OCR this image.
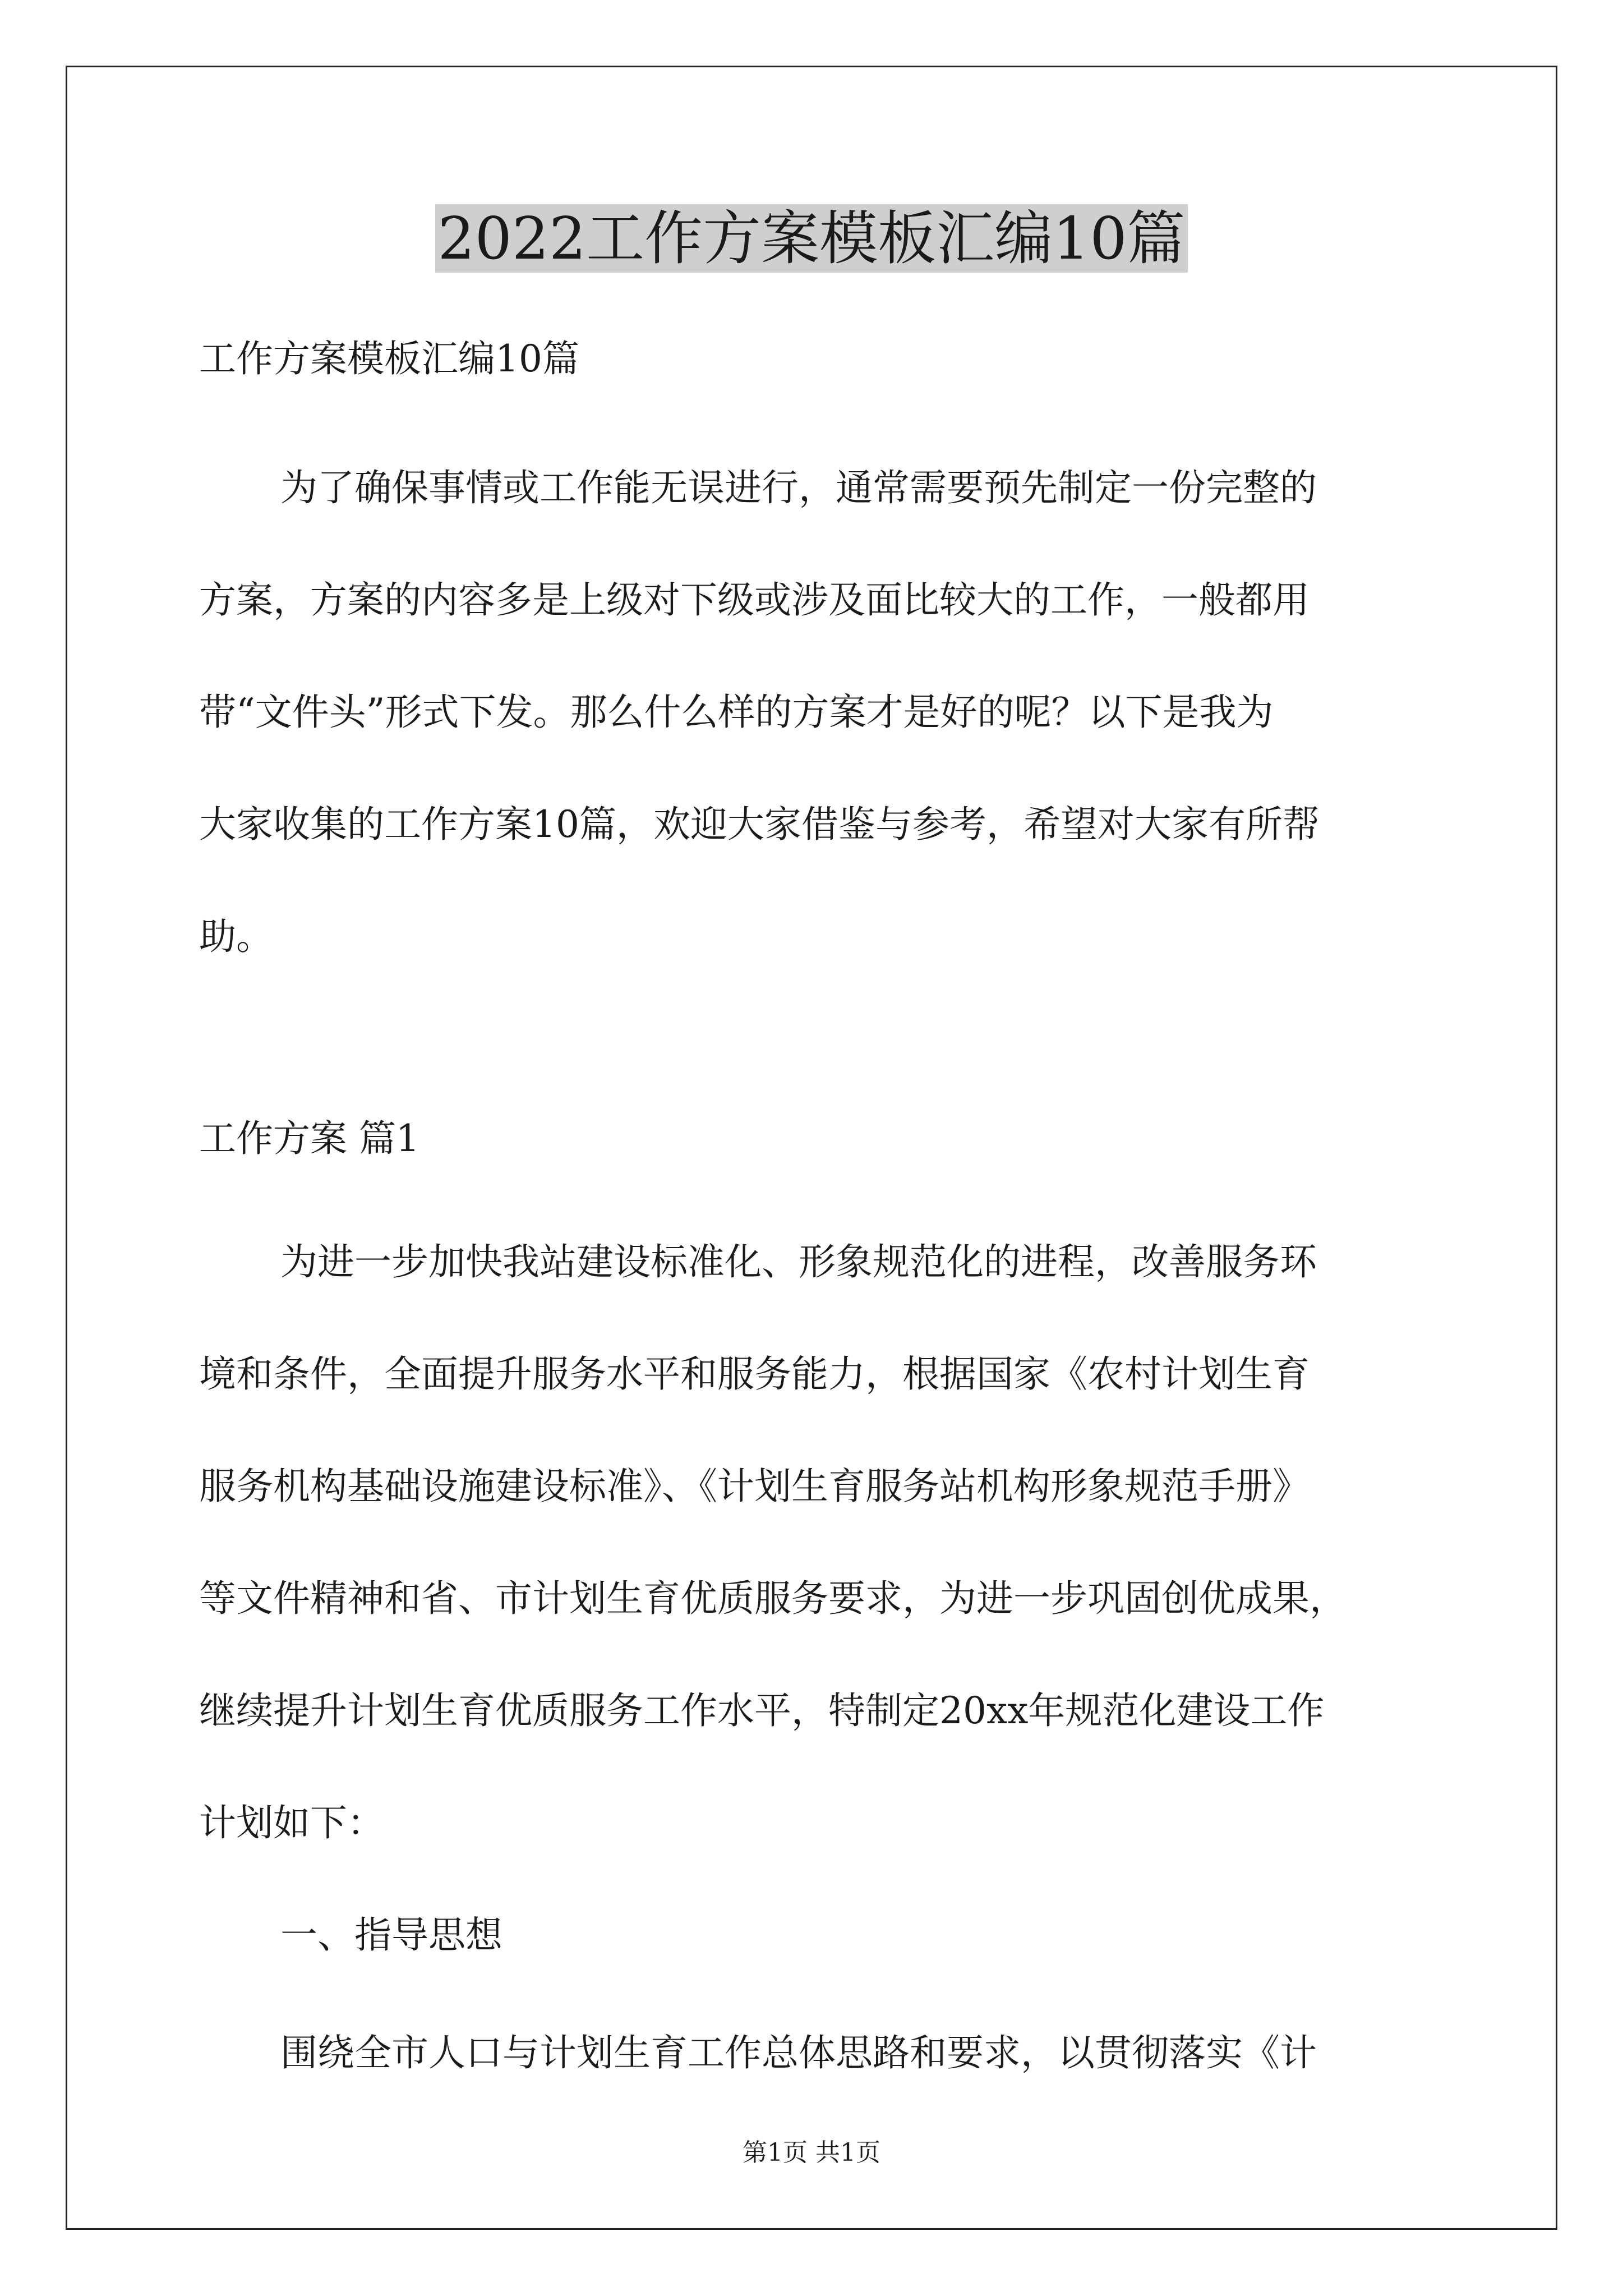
2022工作方案模板汇编10篇

工作方案模板汇编10篇

为了确保事情或工作能无误进行，通常需要预先制定一份完整的

方案，方案的内容多是上级对下级或涉及面比较大的工作，一般都用

带“文件头”形式下发。那么什么样的方案才是好的呢？以下是我为

大家收集的工作方案10篇，欢迎大家借鉴与参考，希望对大家有所帮

助。

工作方案 篇1

为进一步加快我站建设标准化、形象规范化的进程，改善服务环

境和条件，全面提升服务水平和服务能力，根据国家《农村计划生育

服务机构基础设施建设标准》、《计划生育服务站机构形象规范手册》

等文件精神和省、市计划生育优质服务要求，为进一步巩固创优成果，

继续提升计划生育优质服务工作水平，特制定20xx年规范化建设工作

计划如下：

一、指导思想

围绕全市人口与计划生育工作总体思路和要求，以贯彻落实《计

第1页 共1页
